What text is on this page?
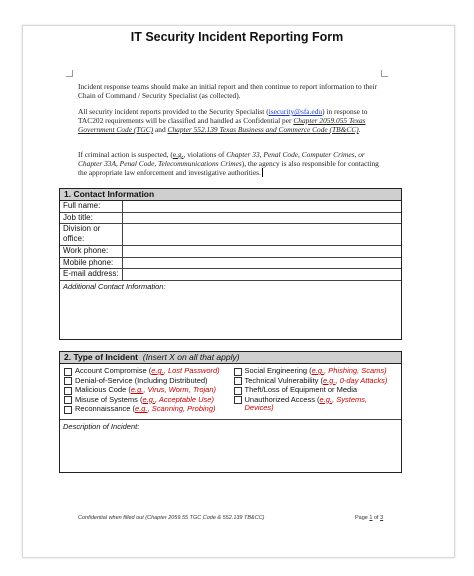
IT Security Incident Reporting Form
Incident response teams should make an initial report and then continue to report information to their Chain of Command / Security Specialist (as collected).
All security incident reports provided to the Security Specialist (isecurity@sfa.edu) in response to TAC202 requirements will be classified and handled as Confidential per Chapter 2059.055 Texas Government Code (TGC) and Chapter 552.139 Texas Business and Commerce Code (TB&CC).
If criminal action is suspected, (e.g., violations of Chapter 33, Penal Code, Computer Crimes, or Chapter 33A, Penal Code, Telecommunications Crimes), the agency is also responsible for contacting the appropriate law enforcement and investigative authorities.
1. Contact Information
Full name:
Job title:
Division or office:
Work phone:
Mobile phone:
E-mail address:
Additional Contact Information:
2. Type of Incident (Insert X on all that apply)
Account Compromise (e.g., Lost Password)
Denial-of-Service (Including Distributed)
Malicious Code (e.g., Virus, Worm, Trojan)
Misuse of Systems (e.g., Acceptable Use)
Reconnaissance (e.g., Scanning, Probing)
Social Engineering (e.g., Phishing, Scams)
Technical Vulnerability (e.g., 0-day Attacks)
Theft/Loss of Equipment or Media
Unauthorized Access (e.g., Systems, Devices)
Description of Incident:
Confidential when filled out (Chapter 2059.55 TGC Code & 552.139 TB&CC)	Page 1 of 3
